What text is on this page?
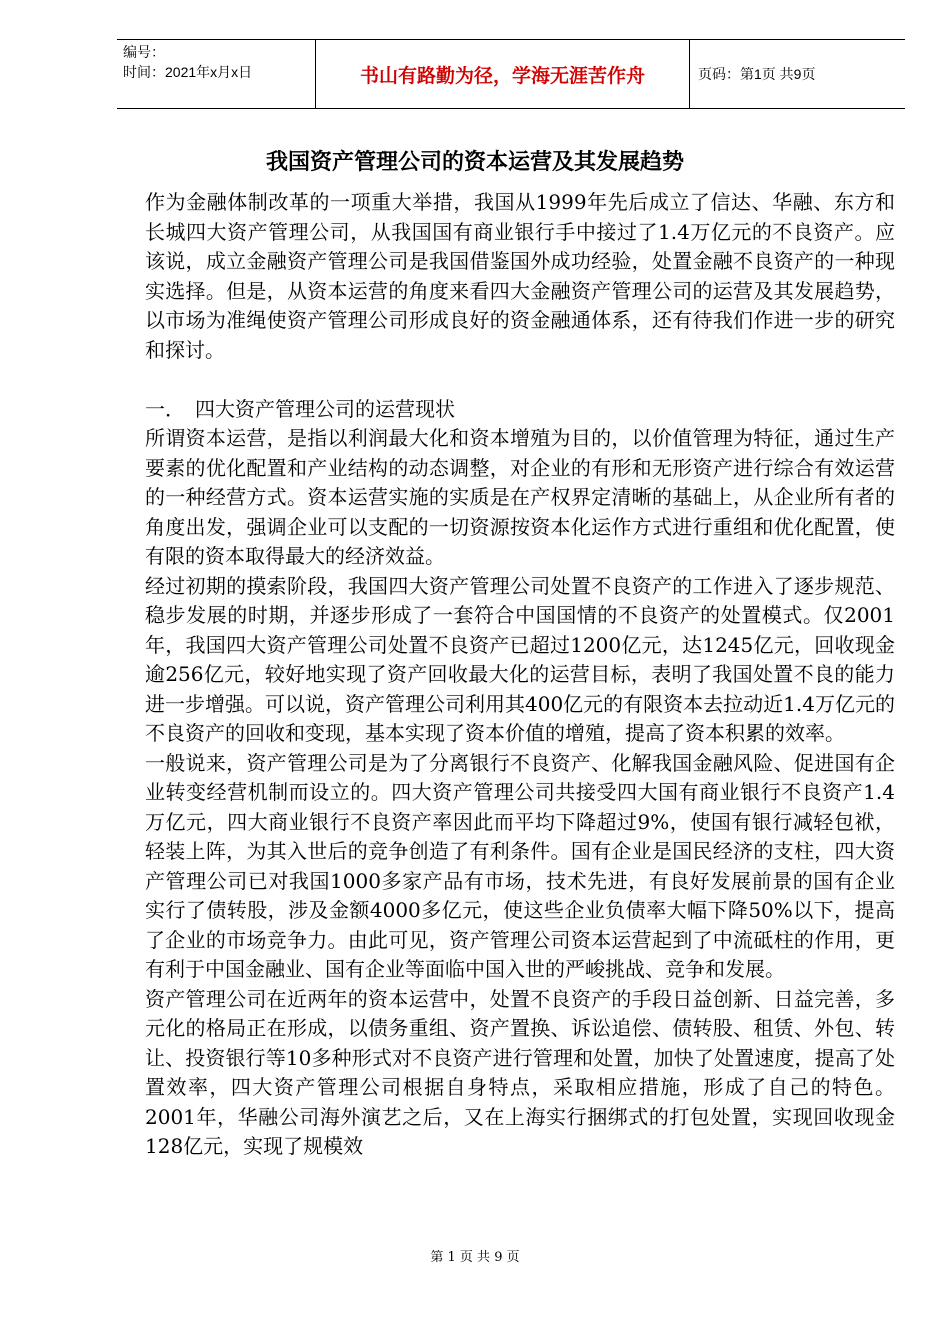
编号：
时间：2021年x月x日	书山有路勤为径，学海无涯苦作舟	页码：第1页 共9页
我国资产管理公司的资本运营及其发展趋势

作为金融体制改革的一项重大举措，我国从1999年先后成立了信达、华融、东方和长城四大资产管理公司，从我国国有商业银行手中接过了1.4万亿元的不良资产。应该说，成立金融资产管理公司是我国借鉴国外成功经验，处置金融不良资产的一种现实选择。但是，从资本运营的角度来看四大金融资产管理公司的运营及其发展趋势，以市场为准绳使资产管理公司形成良好的资金融通体系，还有待我们作进一步的研究和探讨。

一．　四大资产管理公司的运营现状

所谓资本运营，是指以利润最大化和资本增殖为目的，以价值管理为特征，通过生产要素的优化配置和产业结构的动态调整，对企业的有形和无形资产进行综合有效运营的一种经营方式。资本运营实施的实质是在产权界定清晰的基础上，从企业所有者的角度出发，强调企业可以支配的一切资源按资本化运作方式进行重组和优化配置，使有限的资本取得最大的经济效益。

经过初期的摸索阶段，我国四大资产管理公司处置不良资产的工作进入了逐步规范、稳步发展的时期，并逐步形成了一套符合中国国情的不良资产的处置模式。仅2001年，我国四大资产管理公司处置不良资产已超过1200亿元，达1245亿元，回收现金逾256亿元，较好地实现了资产回收最大化的运营目标，表明了我国处置不良的能力进一步增强。可以说，资产管理公司利用其400亿元的有限资本去拉动近1.4万亿元的不良资产的回收和变现，基本实现了资本价值的增殖，提高了资本积累的效率。

一般说来，资产管理公司是为了分离银行不良资产、化解我国金融风险、促进国有企业转变经营机制而设立的。四大资产管理公司共接受四大国有商业银行不良资产1.4万亿元，四大商业银行不良资产率因此而平均下降超过9%，使国有银行减轻包袱，轻装上阵，为其入世后的竞争创造了有利条件。国有企业是国民经济的支柱，四大资产管理公司已对我国1000多家产品有市场，技术先进，有良好发展前景的国有企业实行了债转股，涉及金额4000多亿元，使这些企业负债率大幅下降50%以下，提高了企业的市场竞争力。由此可见，资产管理公司资本运营起到了中流砥柱的作用，更有利于中国金融业、国有企业等面临中国入世的严峻挑战、竞争和发展。

资产管理公司在近两年的资本运营中，处置不良资产的手段日益创新、日益完善，多元化的格局正在形成，以债务重组、资产置换、诉讼追偿、债转股、租赁、外包、转让、投资银行等10多种形式对不良资产进行管理和处置，加快了处置速度，提高了处置效率，四大资产管理公司根据自身特点，采取相应措施，形成了自己的特色。2001年，华融公司海外演艺之后，又在上海实行捆绑式的打包处置，实现回收现金128亿元，实现了规模效

第 1 页 共 9 页
